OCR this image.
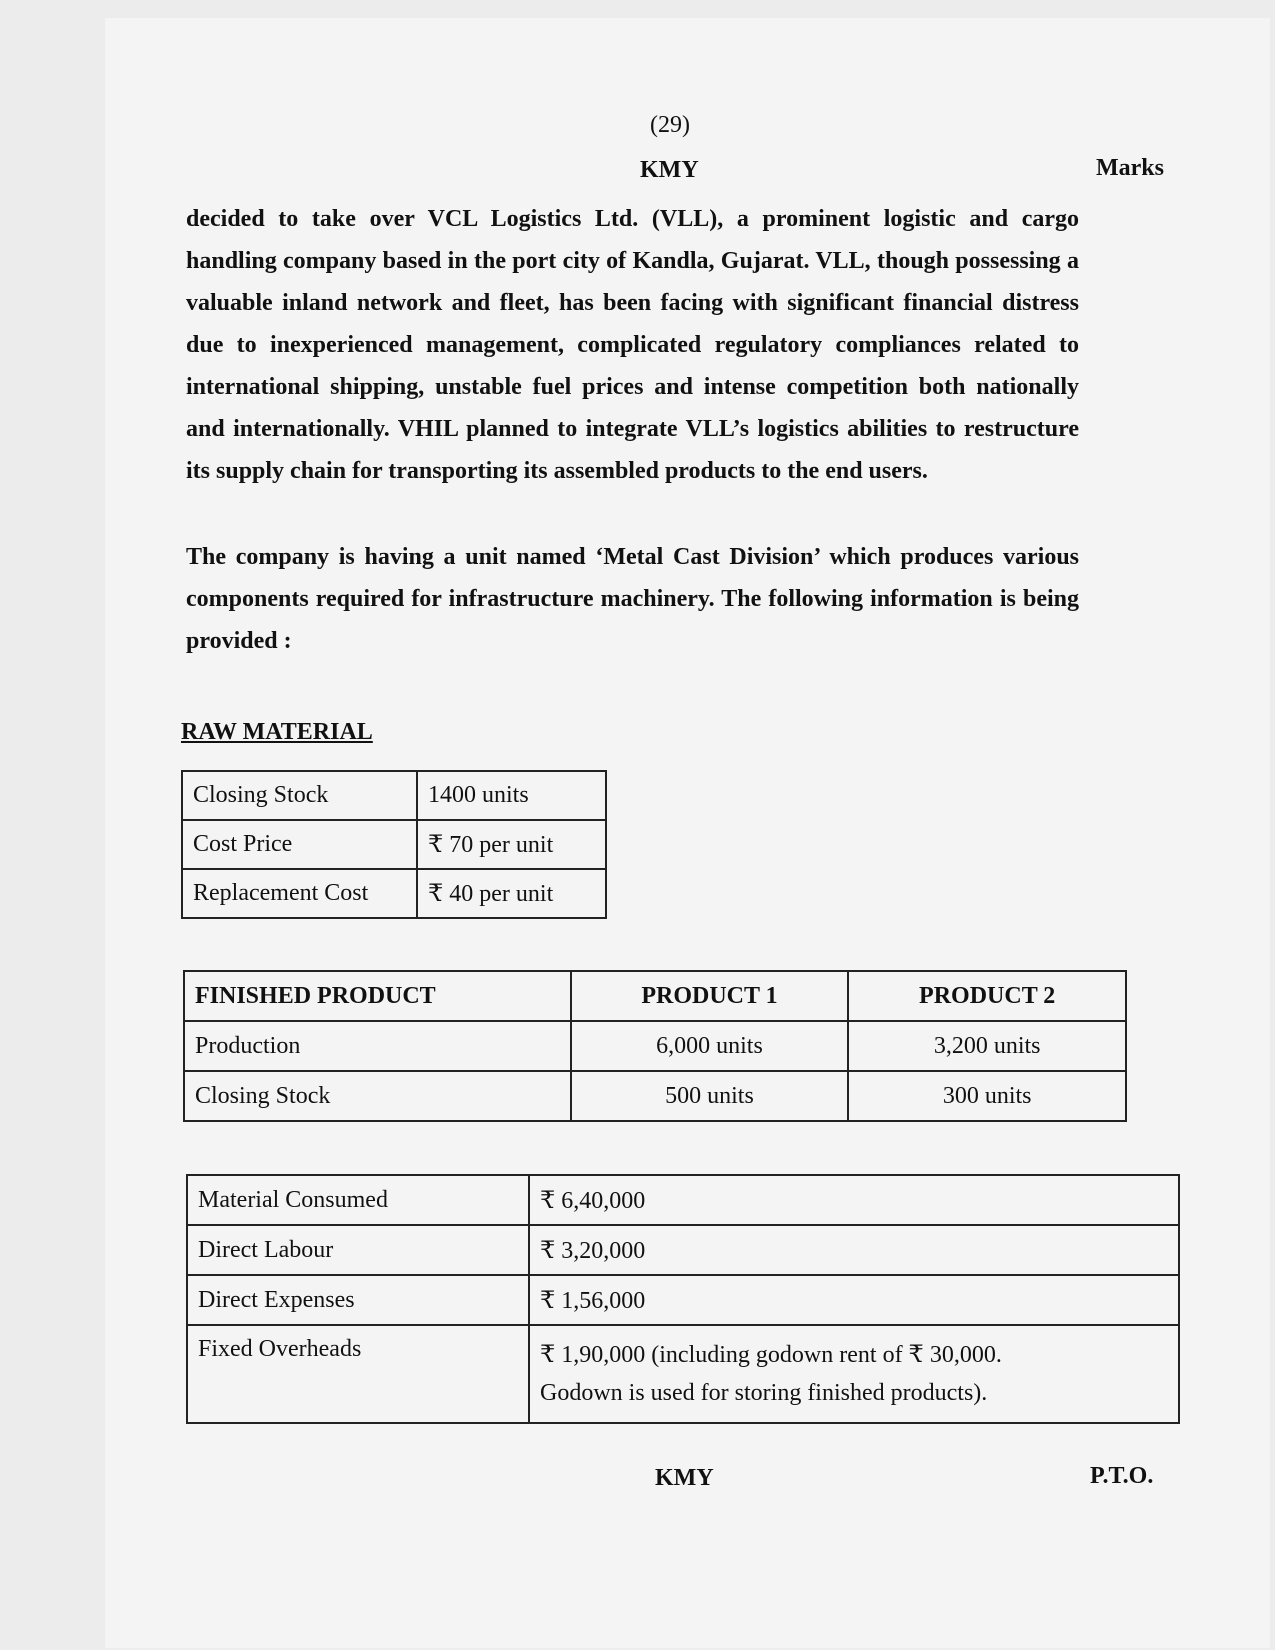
(29)
KMY	Marks

decided to take over VCL Logistics Ltd. (VLL), a prominent logistic and cargo handling company based in the port city of Kandla, Gujarat. VLL, though possessing a valuable inland network and fleet, has been facing with significant financial distress due to inexperienced management, complicated regulatory compliances related to international shipping, unstable fuel prices and intense competition both nationally and internationally. VHIL planned to integrate VLL’s logistics abilities to restructure its supply chain for transporting its assembled products to the end users.

The company is having a unit named ‘Metal Cast Division’ which produces various components required for infrastructure machinery. The following information is being provided :

RAW MATERIAL
Closing Stock	1400 units
Cost Price	₹ 70 per unit
Replacement Cost	₹ 40 per unit
FINISHED PRODUCT	PRODUCT 1	PRODUCT 2
Production	6,000 units	3,200 units
Closing Stock	500 units	300 units
Material Consumed	₹ 6,40,000
Direct Labour	₹ 3,20,000
Direct Expenses	₹ 1,56,000
Fixed Overheads	₹ 1,90,000 (including godown rent of ₹ 30,000.
Godown is used for storing finished products).
KMY	P.T.O.
